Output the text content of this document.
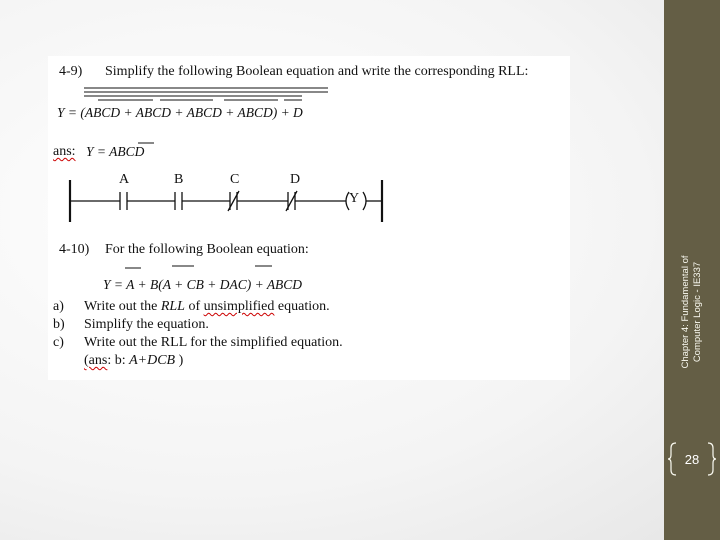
4-9) Simplify the following Boolean equation and write the corresponding RLL:
Y = (ABCD + ABCD + ABCD + ABCD) + D
ans: Y = ABCD
A	B	C	D
Y
4-10) For the following Boolean equation:
Y = A + B(A + CB + DAC) + ABCD
a) Write out the RLL of unsimplified equation.
b) Simplify the equation.
c) Write out the RLL for the simplified equation.
(ans: b: A+DCB )	Chapter 4: Fundamental of Computer Logic - IE337
28
